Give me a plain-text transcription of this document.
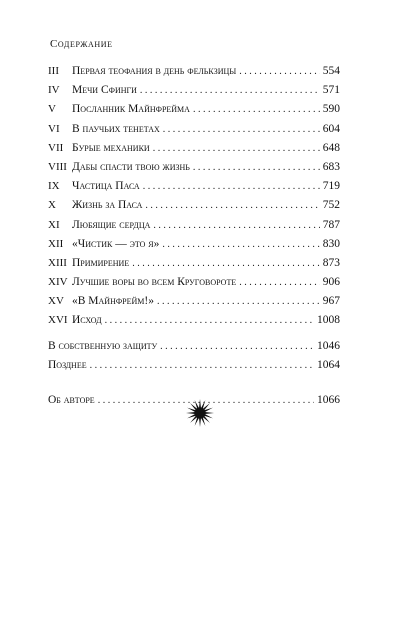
Содержание
III	Первая теофания в день фелькзицы . . .	554
IV	Мечи Сфинги . . .	571
V	Посланник Майнфрейма . . .	590
VI	В паучьих тенетах . . .	604
VII Бурые механики . . .	648
VIII Дабы спасти твою жизнь . . .	683
IX	Частица Паса . . .	719
X	Жизнь за Паса . . .	752
XI	Любящие сердца . . .	787
XII «Чистик — это я» . . .	830
XIII Примирение . . .	873
XIV Лучшие воры во всем Круговороте . . .	906
XV «В Майнфрейм!» . . .	967
XVI Исход . . .	1008
В собственную защиту . . .	1046
Позднее . . .	1064
Об авторе . . .	1066
